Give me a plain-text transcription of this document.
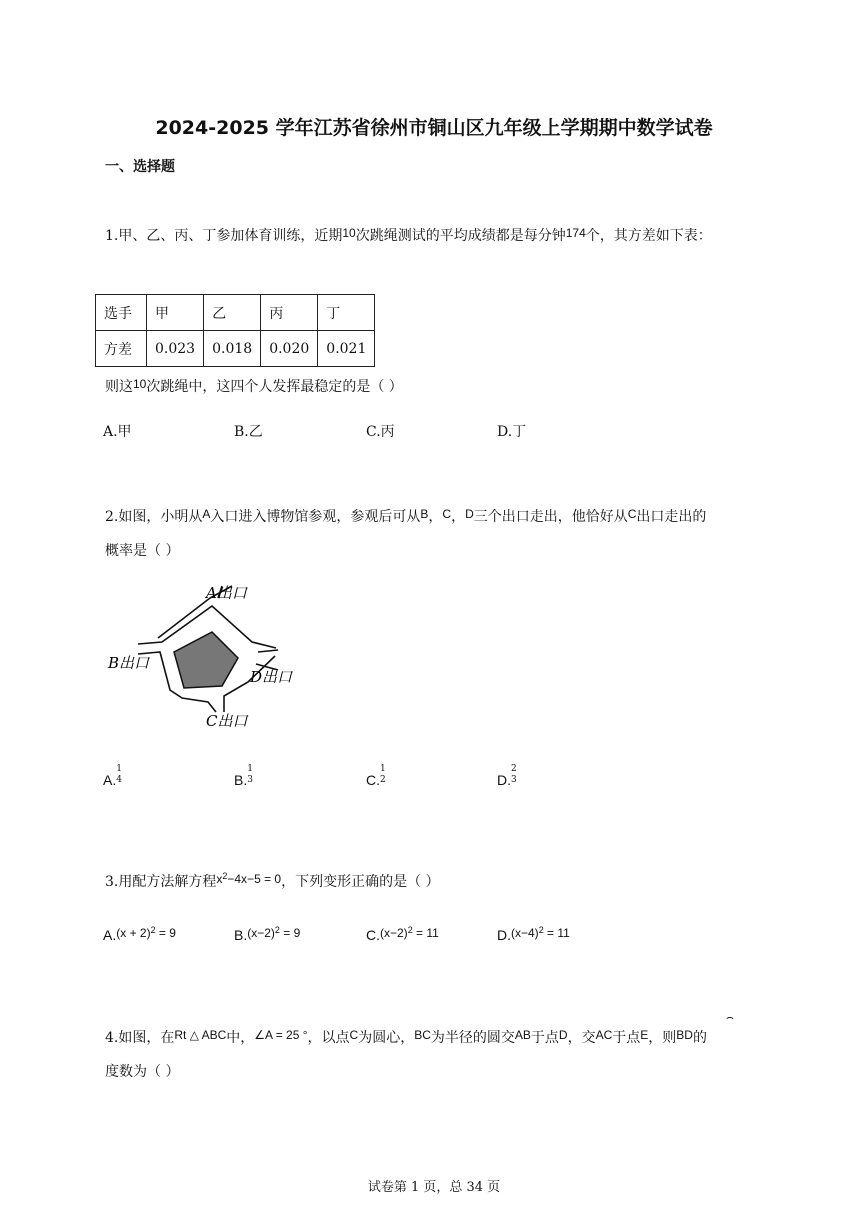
2024-2025 学年江苏省徐州市铜山区九年级上学期期中数学试卷
一、选择题
1.甲、乙、丙、丁参加体育训练，近期10次跳绳测试的平均成绩都是每分钟174个，其方差如下表：
选手	甲	乙	丙	丁
方差	0.023	0.018	0.020	0.021
则这10次跳绳中，这四个人发挥最稳定的是（ ）
A.甲	B.乙	C.丙	D.丁
2.如图，小明从A入口进入博物馆参观，参观后可从B，C，D三个出口走出，他恰好从C出口走出的
概率是（ ）
A出口
B出口
D出口
C出口
A.
1
4	B.
1
3	C.
1
2	D.
2
3
3.用配方法解方程$x^2-4x-5 = 0$，下列变形正确的是（ ）
$A.(x + 2)^2 = 9$	$B.(x-2)^2 = 9$	$C.(x-2)^2 = 11$	$D.(x-4)^2 = 11$
⌢
4.如图，在Rt △ ABC中，∠A = 25 °，以点C为圆心，BC为半径的圆交AB于点D，交AC于点E，则BD的
度数为（ ）
试卷第 1 页，总 34 页
